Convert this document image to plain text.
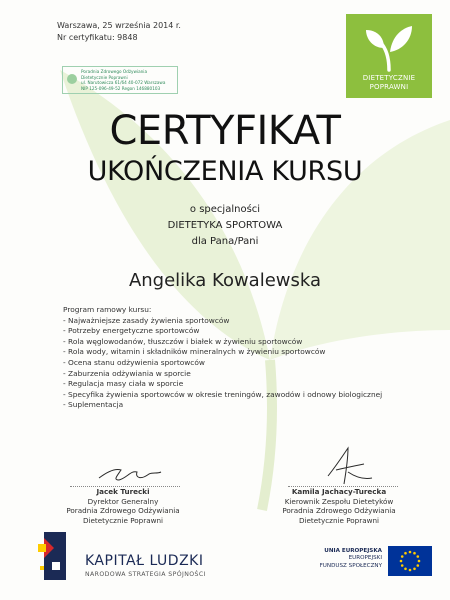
Warszawa, 25 września 2014 r.
Nr certyfikatu: 9848
Poradnia Zdrowego Odżywiania
Dietetycznie Poprawni
ul. Narutowicza 61/64 40-072 Warszawa
NIP 125-096-49-52 Regon 146880103
DIETETYCZNIE
POPRAWNI
CERTYFIKAT
UKOŃCZENIA KURSU
o specjalności
DIETETYKA SPORTOWA
dla Pana/Pani
Angelika Kowalewska
Program ramowy kursu:
- Najważniejsze zasady żywienia sportowców
- Potrzeby energetyczne sportowców
- Rola węglowodanów, tłuszczów i białek w żywieniu sportowców
- Rola wody, witamin i składników mineralnych w żywieniu sportowców
- Ocena stanu odżywienia sportowców
- Zaburzenia odżywiania w sporcie
- Regulacja masy ciała w sporcie
- Specyfika żywienia sportowców w okresie treningów, zawodów i odnowy biologicznej
- Suplementacja
Jacek Turecki
Dyrektor Generalny
Poradnia Zdrowego Odżywiania
Dietetycznie Poprawni
Kamila Jachacy-Turecka
Kierownik Zespołu Dietetyków
Poradnia Zdrowego Odżywiania
Dietetycznie Poprawni
KAPITAŁ LUDZKI
NARODOWA STRATEGIA SPÓJNOŚCI
UNIA EUROPEJSKA
EUROPEJSKI
FUNDUSZ SPOŁECZNY
